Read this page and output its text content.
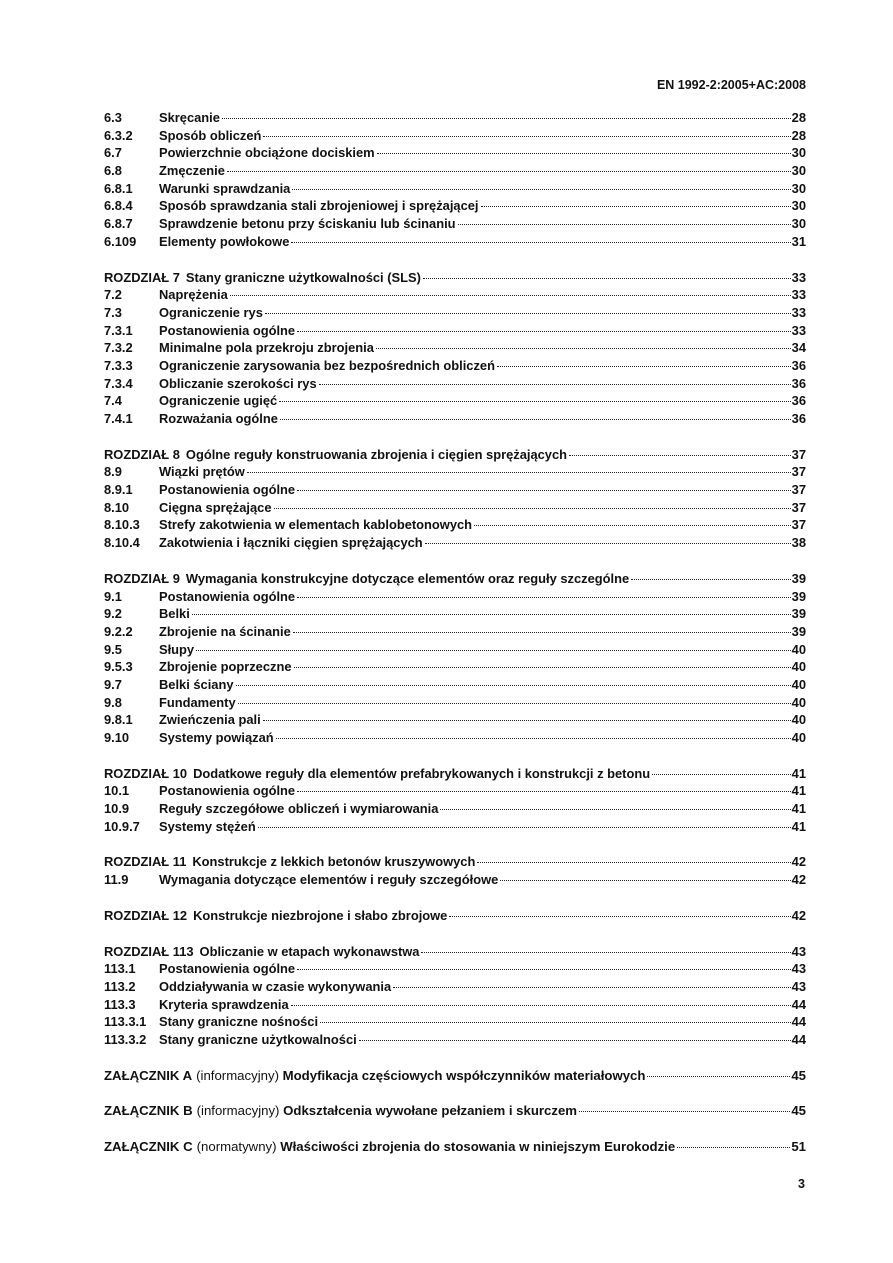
EN 1992-2:2005+AC:2008
6.3	Skręcanie	28
6.3.2	Sposób obliczeń	28
6.7	Powierzchnie obciążone dociskiem	30
6.8	Zmęczenie	30
6.8.1	Warunki sprawdzania	30
6.8.4	Sposób sprawdzania stali zbrojeniowej i sprężającej	30
6.8.7	Sprawdzenie betonu przy ściskaniu lub ścinaniu	30
6.109	Elementy powłokowe	31
ROZDZIAŁ 7 Stany graniczne użytkowalności (SLS)	33
7.2	Naprężenia	33
7.3	Ograniczenie rys	33
7.3.1	Postanowienia ogólne	33
7.3.2	Minimalne pola przekroju zbrojenia	34
7.3.3	Ograniczenie zarysowania bez bezpośrednich obliczeń	36
7.3.4	Obliczanie szerokości rys	36
7.4	Ograniczenie ugięć	36
7.4.1	Rozważania ogólne	36
ROZDZIAŁ 8 Ogólne reguły konstruowania zbrojenia i cięgien sprężających	37
8.9	Wiązki prętów	37
8.9.1	Postanowienia ogólne	37
8.10	Cięgna sprężające	37
8.10.3	Strefy zakotwienia w elementach kablobetonowych	37
8.10.4	Zakotwienia i łączniki cięgien sprężających	38
ROZDZIAŁ 9 Wymagania konstrukcyjne dotyczące elementów oraz reguły szczególne	39
9.1	Postanowienia ogólne	39
9.2	Belki	39
9.2.2	Zbrojenie na ścinanie	39
9.5	Słupy	40
9.5.3	Zbrojenie poprzeczne	40
9.7	Belki ściany	40
9.8	Fundamenty	40
9.8.1	Zwieńczenia pali	40
9.10	Systemy powiązań	40
ROZDZIAŁ 10 Dodatkowe reguły dla elementów prefabrykowanych i konstrukcji z betonu	41
10.1	Postanowienia ogólne	41
10.9	Reguły szczegółowe obliczeń i wymiarowania	41
10.9.7	Systemy stężeń	41
ROZDZIAŁ 11 Konstrukcje z lekkich betonów kruszywowych	42
11.9	Wymagania dotyczące elementów i reguły szczegółowe	42
ROZDZIAŁ 12 Konstrukcje niezbrojone i słabo zbrojowe	42
ROZDZIAŁ 113 Obliczanie w etapach wykonawstwa	43
113.1	Postanowienia ogólne	43
113.2	Oddziaływania w czasie wykonywania	43
113.3	Kryteria sprawdzenia	44
113.3.1 Stany graniczne nośności	44
113.3.2 Stany graniczne użytkowalności	44
ZAŁĄCZNIK A (informacyjny) Modyfikacja częściowych współczynników materiałowych	45
ZAŁĄCZNIK B (informacyjny) Odkształcenia wywołane pełzaniem i skurczem	45
ZAŁĄCZNIK C (normatywny) Właściwości zbrojenia do stosowania w niniejszym Eurokodzie	51
3
